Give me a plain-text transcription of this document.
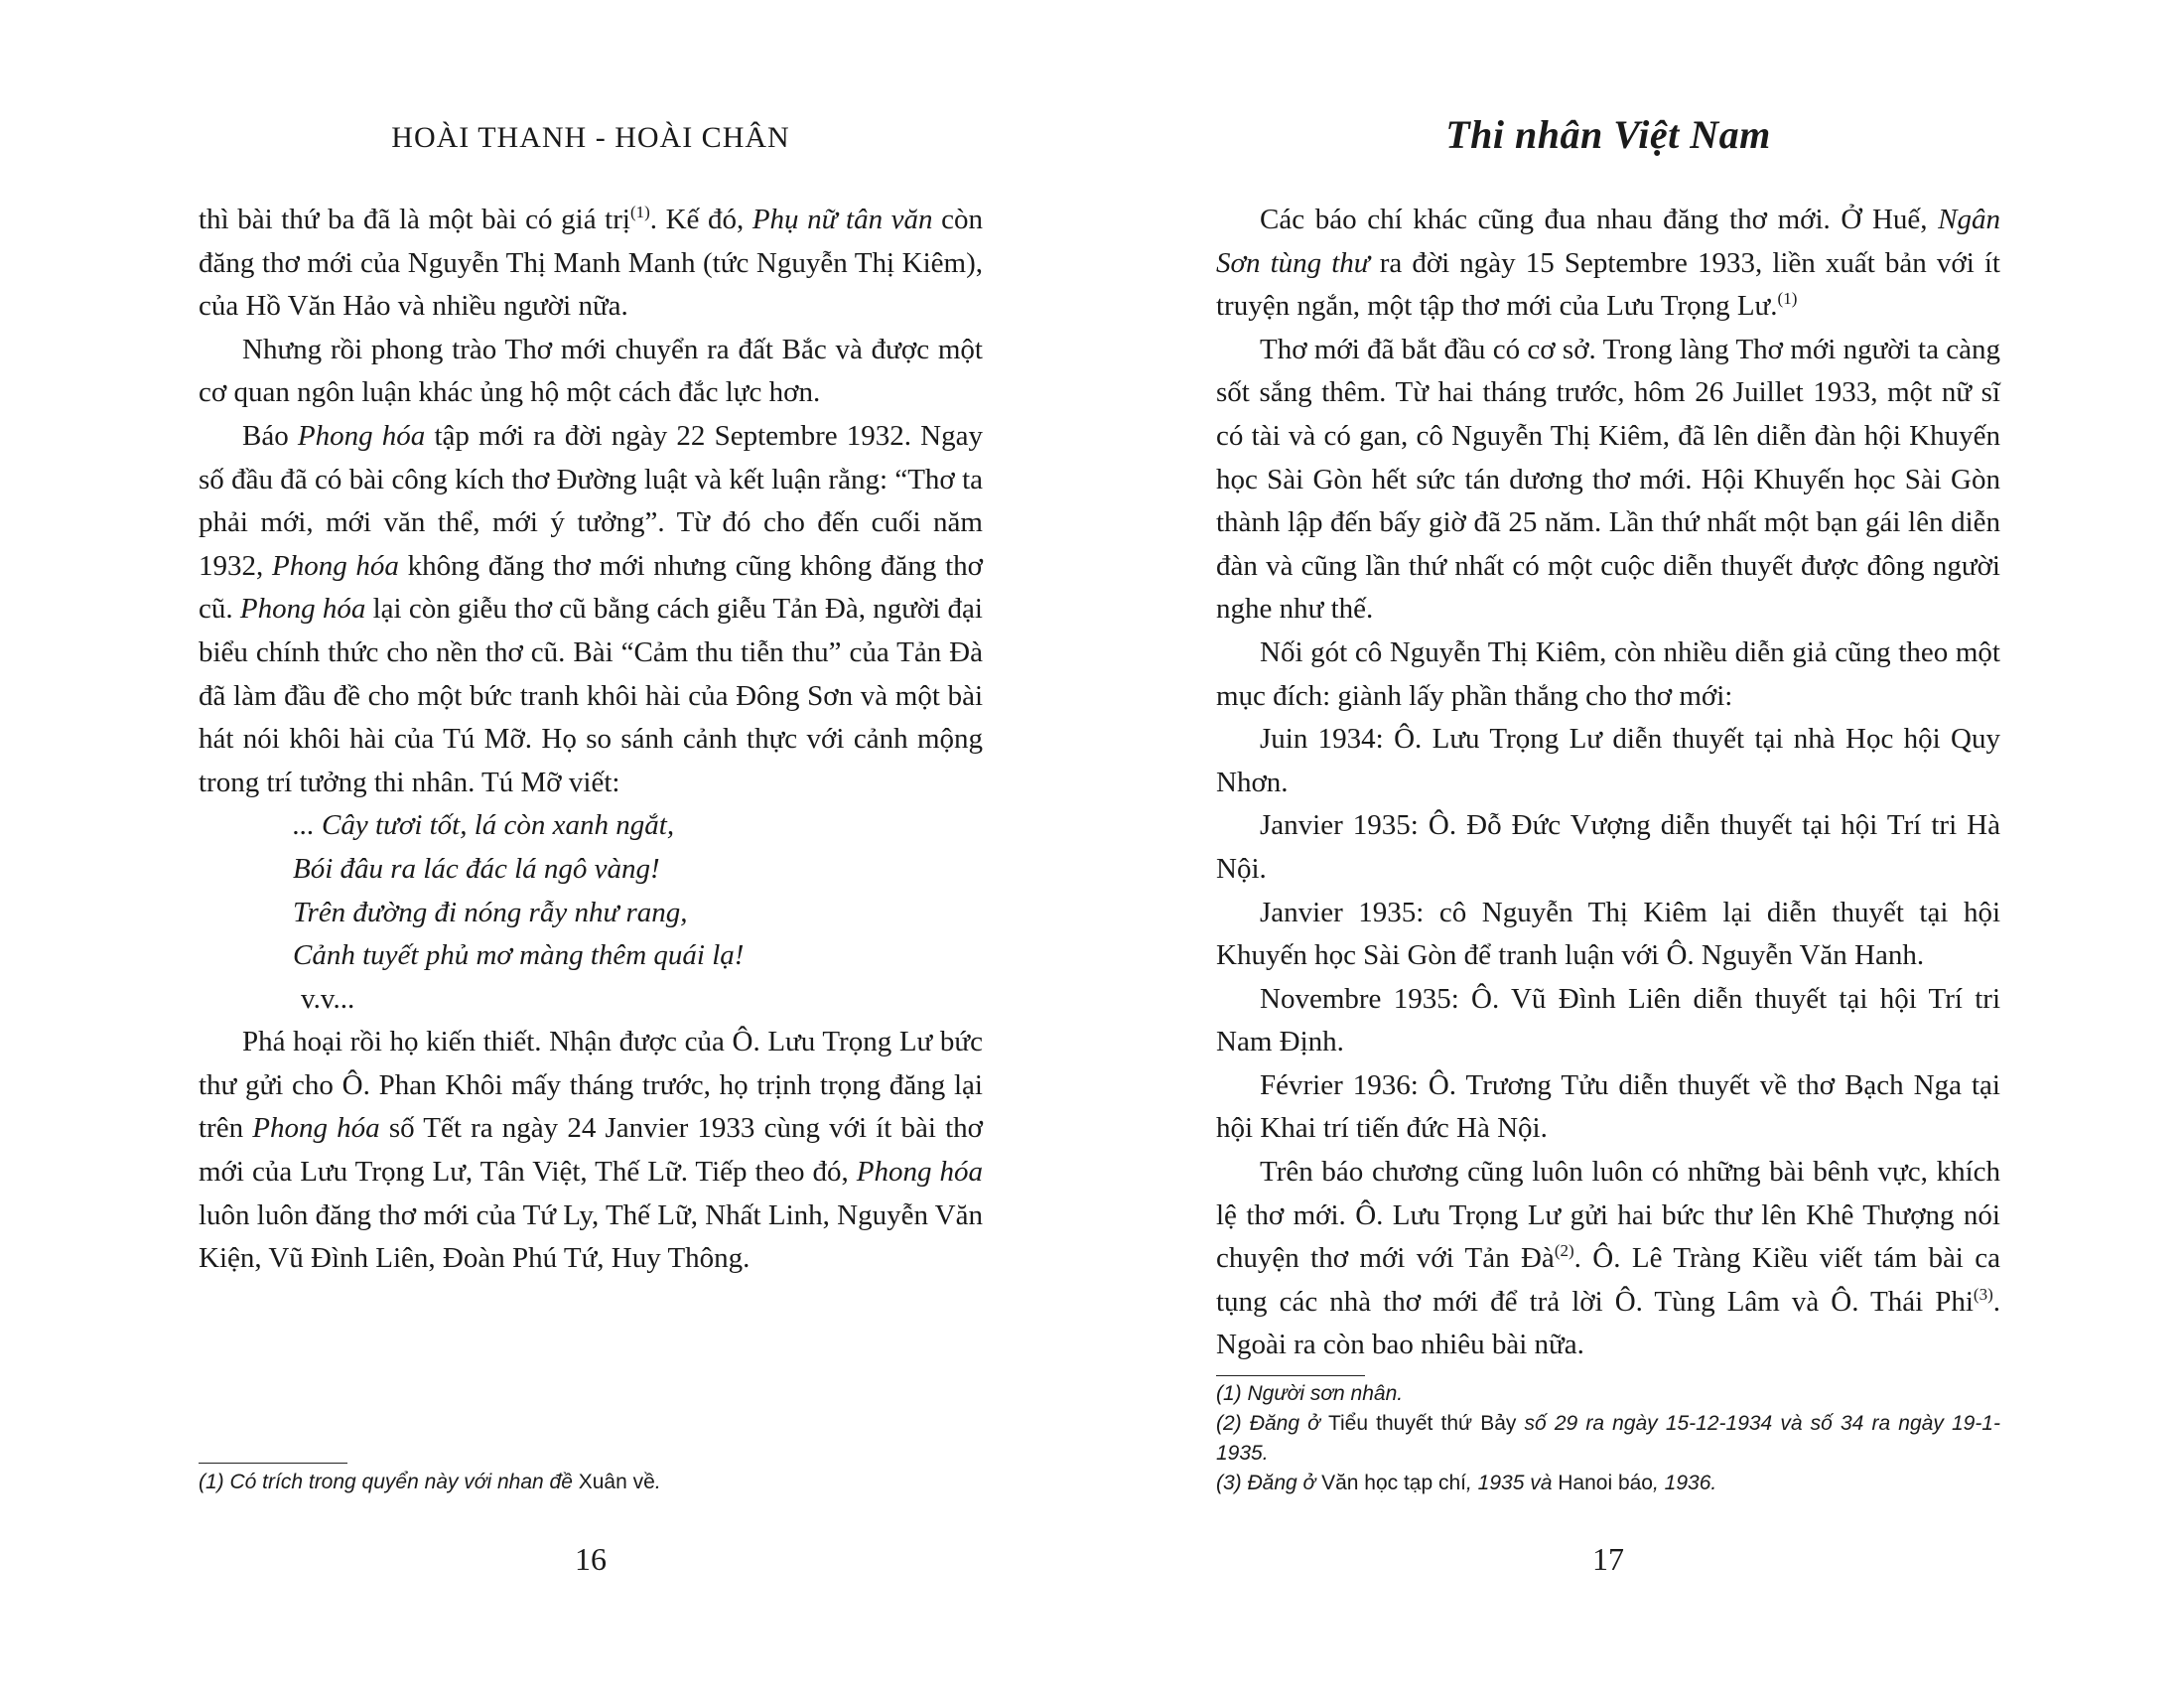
HOÀI THANH - HOÀI CHÂN

thì bài thứ ba đã là một bài có giá trị$^{(1)}$. Kế đó, Phụ nữ tân văn còn đăng thơ mới của Nguyễn Thị Manh Manh (tức Nguyễn Thị Kiêm), của Hồ Văn Hảo và nhiều người nữa.

Nhưng rồi phong trào Thơ mới chuyển ra đất Bắc và được một cơ quan ngôn luận khác ủng hộ một cách đắc lực hơn.

Báo Phong hóa tập mới ra đời ngày 22 Septembre 1932. Ngay số đầu đã có bài công kích thơ Đường luật và kết luận rằng: “Thơ ta phải mới, mới văn thể, mới ý tưởng”. Từ đó cho đến cuối năm 1932, Phong hóa không đăng thơ mới nhưng cũng không đăng thơ cũ. Phong hóa lại còn giễu thơ cũ bằng cách giễu Tản Đà, người đại biểu chính thức cho nền thơ cũ. Bài “Cảm thu tiễn thu” của Tản Đà đã làm đầu đề cho một bức tranh khôi hài của Đông Sơn và một bài hát nói khôi hài của Tú Mỡ. Họ so sánh cảnh thực với cảnh mộng trong trí tưởng thi nhân. Tú Mỡ viết:

... Cây tươi tốt, lá còn xanh ngắt,
Bói đâu ra lác đác lá ngô vàng!
Trên đường đi nóng rẫy như rang,
Cảnh tuyết phủ mơ màng thêm quái lạ!
v.v...

Phá hoại rồi họ kiến thiết. Nhận được của Ô. Lưu Trọng Lư bức thư gửi cho Ô. Phan Khôi mấy tháng trước, họ trịnh trọng đăng lại trên Phong hóa số Tết ra ngày 24 Janvier 1933 cùng với ít bài thơ mới của Lưu Trọng Lư, Tân Việt, Thế Lữ. Tiếp theo đó, Phong hóa luôn luôn đăng thơ mới của Tứ Ly, Thế Lữ, Nhất Linh, Nguyễn Văn Kiện, Vũ Đình Liên, Đoàn Phú Tứ, Huy Thông.

(1) Có trích trong quyển này với nhan đề Xuân về.

16
Thi nhân Việt Nam

Các báo chí khác cũng đua nhau đăng thơ mới. Ở Huế, Ngân Sơn tùng thư ra đời ngày 15 Septembre 1933, liền xuất bản với ít truyện ngắn, một tập thơ mới của Lưu Trọng Lư.$^{(1)}$

Thơ mới đã bắt đầu có cơ sở. Trong làng Thơ mới người ta càng sốt sắng thêm. Từ hai tháng trước, hôm 26 Juillet 1933, một nữ sĩ có tài và có gan, cô Nguyễn Thị Kiêm, đã lên diễn đàn hội Khuyến học Sài Gòn hết sức tán dương thơ mới. Hội Khuyến học Sài Gòn thành lập đến bấy giờ đã 25 năm. Lần thứ nhất một bạn gái lên diễn đàn và cũng lần thứ nhất có một cuộc diễn thuyết được đông người nghe như thế.

Nối gót cô Nguyễn Thị Kiêm, còn nhiều diễn giả cũng theo một mục đích: giành lấy phần thắng cho thơ mới:

Juin 1934: Ô. Lưu Trọng Lư diễn thuyết tại nhà Học hội Quy Nhơn.

Janvier 1935: Ô. Đỗ Đức Vượng diễn thuyết tại hội Trí tri Hà Nội.

Janvier 1935: cô Nguyễn Thị Kiêm lại diễn thuyết tại hội Khuyến học Sài Gòn để tranh luận với Ô. Nguyễn Văn Hanh.

Novembre 1935: Ô. Vũ Đình Liên diễn thuyết tại hội Trí tri Nam Định.

Février 1936: Ô. Trương Tửu diễn thuyết về thơ Bạch Nga tại hội Khai trí tiến đức Hà Nội.

Trên báo chương cũng luôn luôn có những bài bênh vực, khích lệ thơ mới. Ô. Lưu Trọng Lư gửi hai bức thư lên Khê Thượng nói chuyện thơ mới với Tản $Đà^{(2)}$. Ô. Lê Tràng Kiều viết tám bài ca tụng các nhà thơ mới để trả lời Ô. Tùng Lâm và Ô. Thái Phi$^{(3)}$. Ngoài ra còn bao nhiêu bài nữa.

(1) Người sơn nhân.

(2) Đăng ở Tiểu thuyết thứ Bảy số 29 ra ngày 15-12-1934 và số 34 ra ngày 19-1-1935.

(3) Đăng ở Văn học tạp chí, 1935 và Hanoi báo, 1936.

17
